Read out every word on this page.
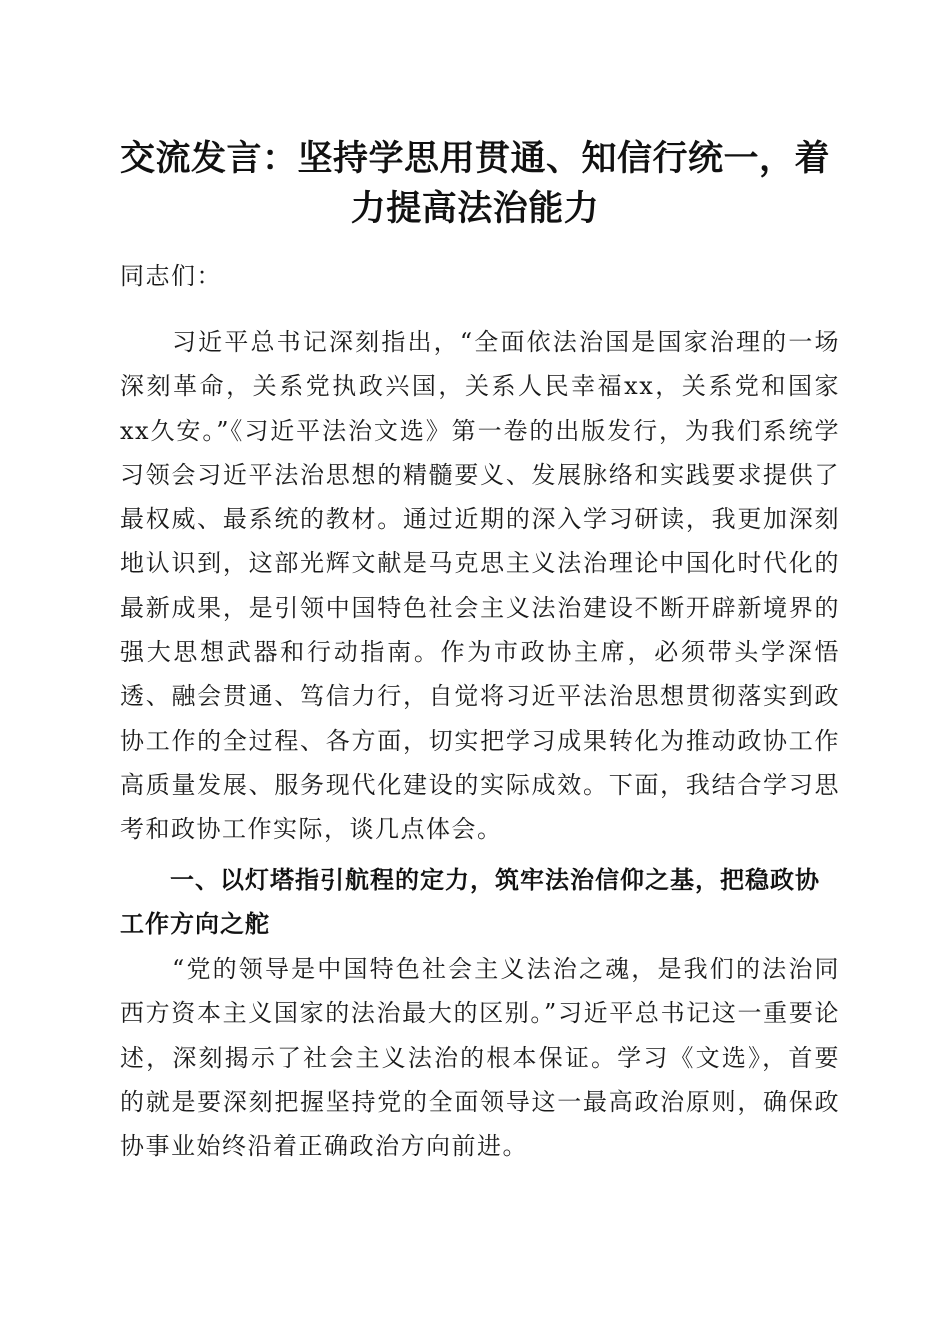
交流发言：坚持学思用贯通、知信行统一，着力提高法治能力

同志们：

习近平总书记深刻指出，“全面依法治国是国家治理的一场深刻革命，关系党执政兴国，关系人民幸福xx，关系党和国家xx久安。”《习近平法治文选》第一卷的出版发行，为我们系统学习领会习近平法治思想的精髓要义、发展脉络和实践要求提供了最权威、最系统的教材。通过近期的深入学习研读，我更加深刻地认识到，这部光辉文献是马克思主义法治理论中国化时代化的最新成果，是引领中国特色社会主义法治建设不断开辟新境界的强大思想武器和行动指南。作为市政协主席，必须带头学深悟透、融会贯通、笃信力行，自觉将习近平法治思想贯彻落实到政协工作的全过程、各方面，切实把学习成果转化为推动政协工作高质量发展、服务现代化建设的实际成效。下面，我结合学习思考和政协工作实际，谈几点体会。

一、以灯塔指引航程的定力，筑牢法治信仰之基，把稳政协工作方向之舵

“党的领导是中国特色社会主义法治之魂，是我们的法治同西方资本主义国家的法治最大的区别。”习近平总书记这一重要论述，深刻揭示了社会主义法治的根本保证。学习《文选》，首要的就是要深刻把握坚持党的全面领导这一最高政治原则，确保政协事业始终沿着正确政治方向前进。
